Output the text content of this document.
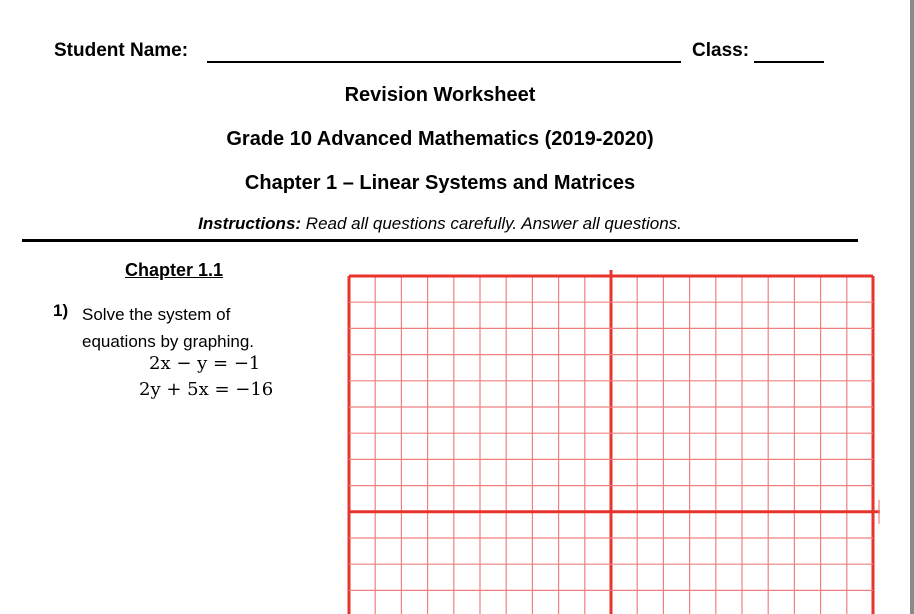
Student Name:	Class:
Revision Worksheet
Grade 10 Advanced Mathematics (2019-2020)
Chapter 1 – Linear Systems and Matrices
Instructions: Read all questions carefully. Answer all questions.
Chapter 1.1
1) Solve the system of equations by graphing.
2x − y = −1
2y + 5x = −16
